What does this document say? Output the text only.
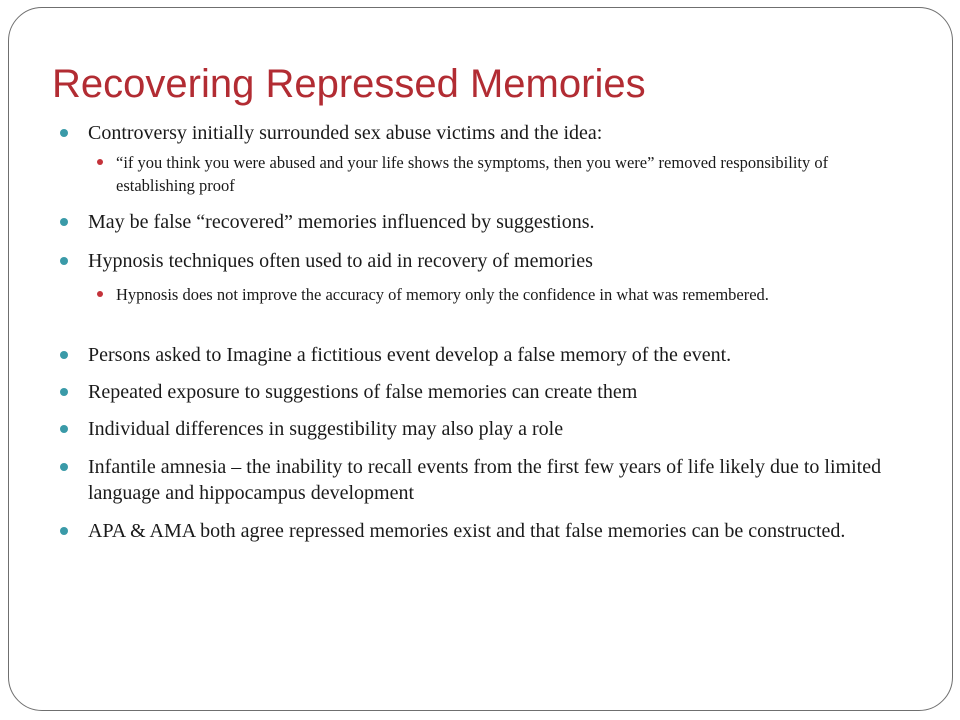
Recovering Repressed Memories
Controversy initially surrounded sex abuse victims and the idea:
“if you think you were abused and your life shows the symptoms, then you were” removed responsibility of establishing proof
May be false “recovered” memories influenced by suggestions.
Hypnosis techniques often used to aid in recovery of memories
Hypnosis does not improve the accuracy of memory only the confidence in what was remembered.
Persons asked to Imagine a fictitious event develop a false memory of the event.
Repeated exposure to suggestions of false memories can create them
Individual differences in suggestibility may also play a role
Infantile amnesia – the inability to recall events from the first few years of life likely due to limited language and hippocampus development
APA & AMA both agree repressed memories exist and that false memories can be constructed.
